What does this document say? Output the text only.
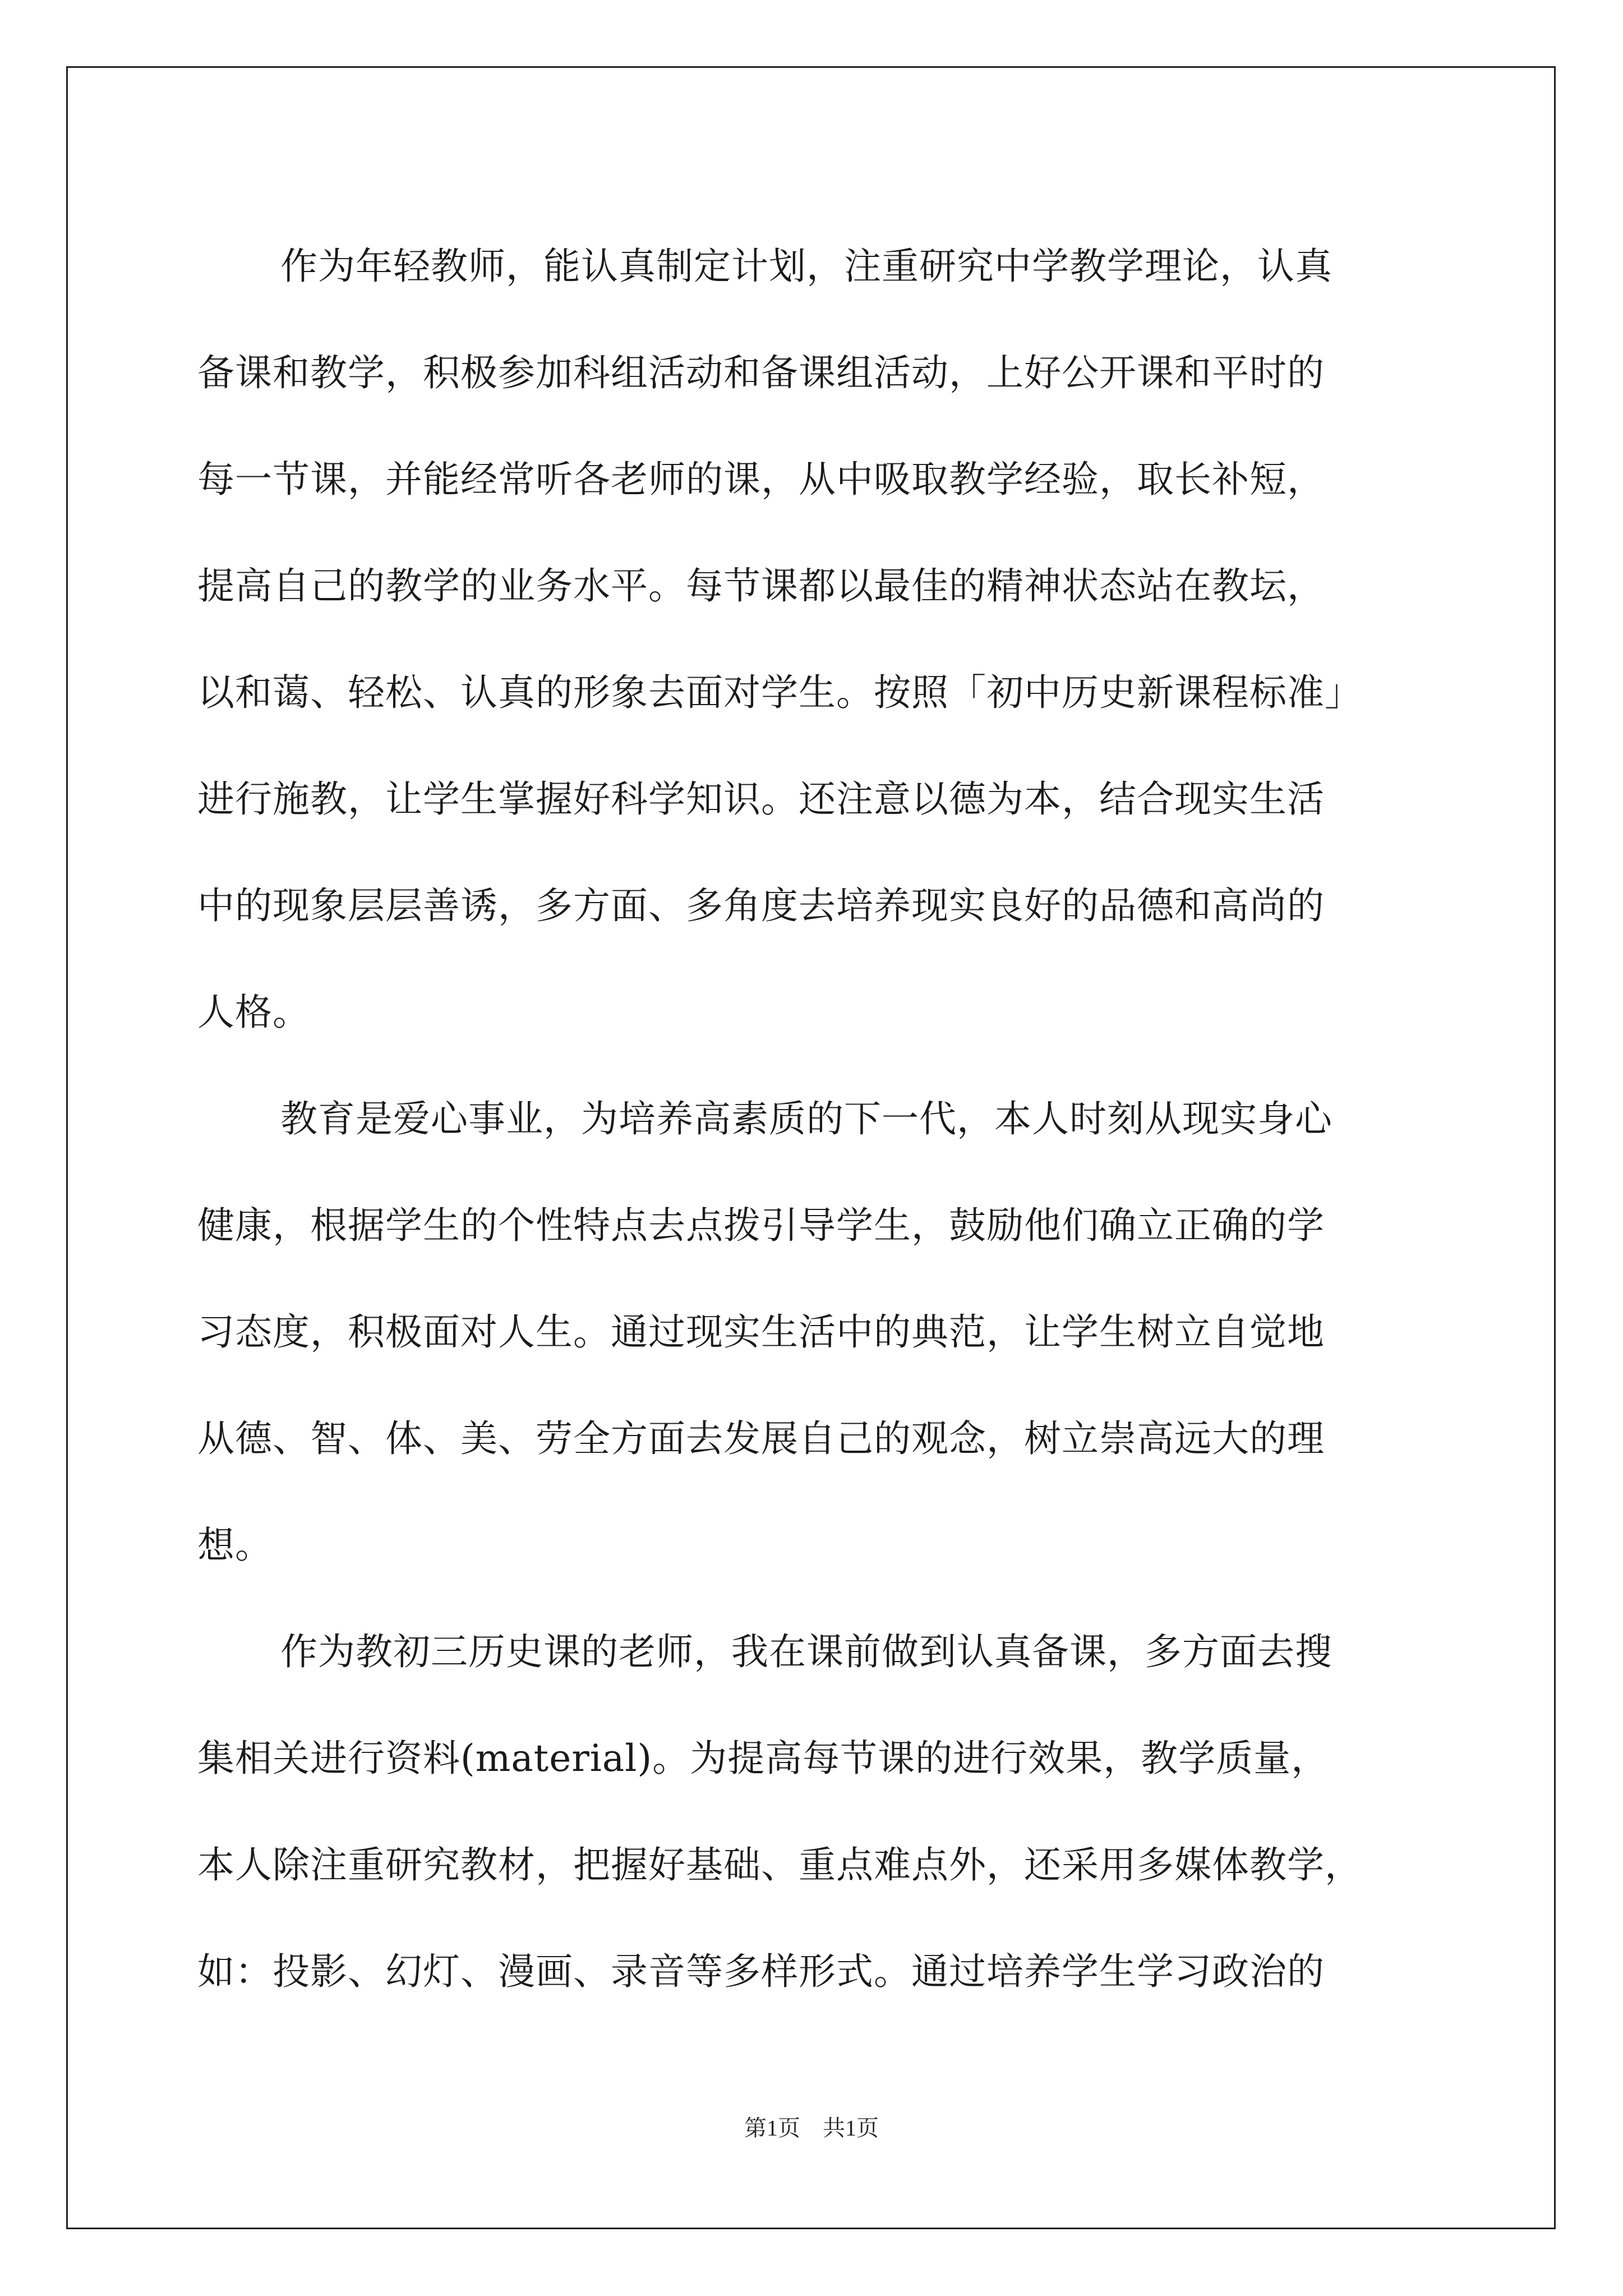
作为年轻教师，能认真制定计划，注重研究中学教学理论，认真
备课和教学，积极参加科组活动和备课组活动，上好公开课和平时的
每一节课，并能经常听各老师的课，从中吸取教学经验，取长补短，
提高自己的教学的业务水平。每节课都以最佳的精神状态站在教坛，
以和蔼、轻松、认真的形象去面对学生。按照「初中历史新课程标准」
进行施教，让学生掌握好科学知识。还注意以德为本，结合现实生活
中的现象层层善诱，多方面、多角度去培养现实良好的品德和高尚的
人格。
教育是爱心事业，为培养高素质的下一代，本人时刻从现实身心
健康，根据学生的个性特点去点拨引导学生，鼓励他们确立正确的学
习态度，积极面对人生。通过现实生活中的典范，让学生树立自觉地
从德、智、体、美、劳全方面去发展自己的观念，树立崇高远大的理
想。
作为教初三历史课的老师，我在课前做到认真备课，多方面去搜
集相关进行资料(material)。为提高每节课的进行效果，教学质量，
本人除注重研究教材，把握好基础、重点难点外，还采用多媒体教学，
如：投影、幻灯、漫画、录音等多样形式。通过培养学生学习政治的
第1页　共1页
